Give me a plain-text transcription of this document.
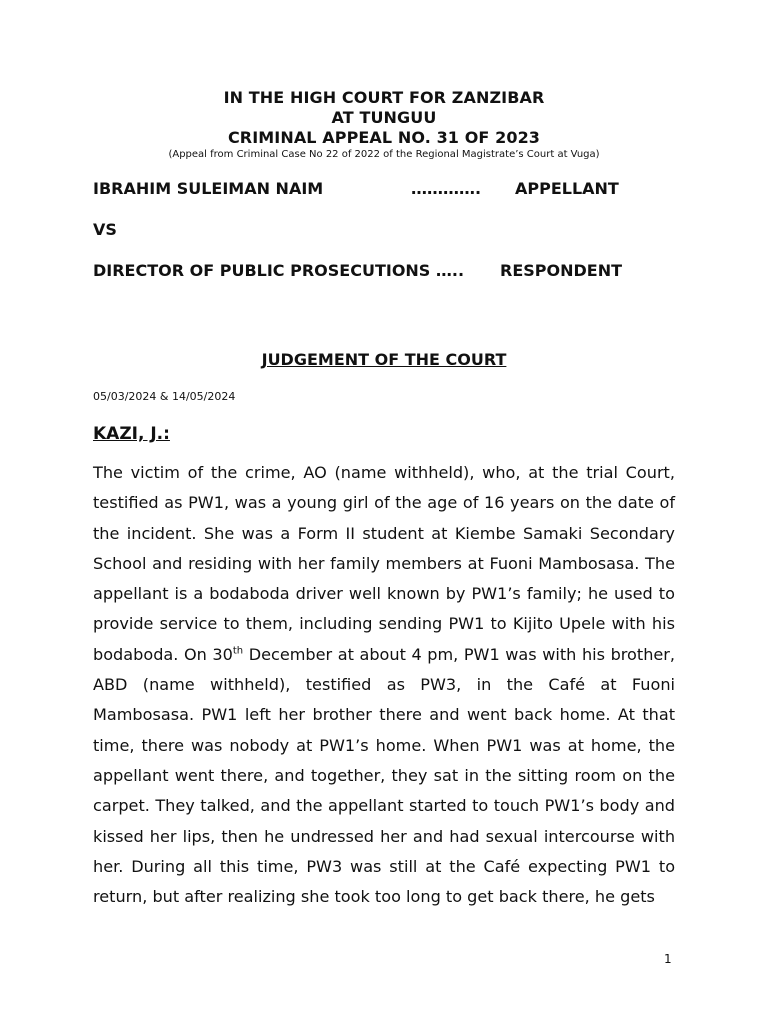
IN THE HIGH COURT FOR ZANZIBAR
AT TUNGUU
CRIMINAL APPEAL NO. 31 OF 2023
(Appeal from Criminal Case No 22 of 2022 of the Regional Magistrate’s Court at Vuga)
IBRAHIM SULEIMAN NAIM	…………. APPELLANT
VS
DIRECTOR OF PUBLIC PROSECUTIONS ….. RESPONDENT
JUDGEMENT OF THE COURT
05/03/2024 & 14/05/2024
KAZI, J.:
The victim of the crime, AO (name withheld), who, at the trial Court,
testified as PW1, was a young girl of the age of 16 years on the date of
the incident. She was a Form II student at Kiembe Samaki Secondary
School and residing with her family members at Fuoni Mambosasa. The
appellant is a bodaboda driver well known by PW1’s family; he used to
provide service to them, including sending PW1 to Kijito Upele with his
bodaboda. On 30th December at about 4 pm, PW1 was with his brother,
ABD (name withheld), testified as PW3, in the Café at Fuoni
Mambosasa. PW1 left her brother there and went back home. At that
time, there was nobody at PW1’s home. When PW1 was at home, the
appellant went there, and together, they sat in the sitting room on the
carpet. They talked, and the appellant started to touch PW1’s body and
kissed her lips, then he undressed her and had sexual intercourse with
her. During all this time, PW3 was still at the Café expecting PW1 to
return, but after realizing she took too long to get back there, he gets
1
